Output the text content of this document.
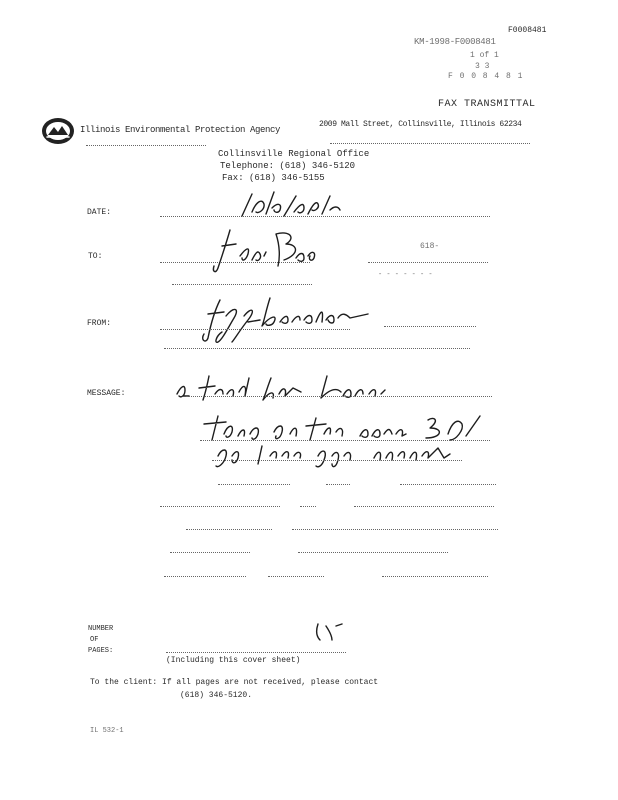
F0008481
KM-1998-F0008481
1 of 1
3 3
F 0 0 8 4 8 1
FAX TRANSMITTAL
Illinois Environmental Protection Agency
2009 Mall Street, Collinsville, Illinois 62234
Collinsville Regional Office
Telephone: (618) 346-5120
Fax: (618) 346-5155
DATE:
TO:
618-
- - - - - - -
FROM:
MESSAGE:
NUMBER
OF
PAGES:
(Including this cover sheet)
To the client: If all pages are not received, please contact
(618) 346-5120.
IL 532-1
